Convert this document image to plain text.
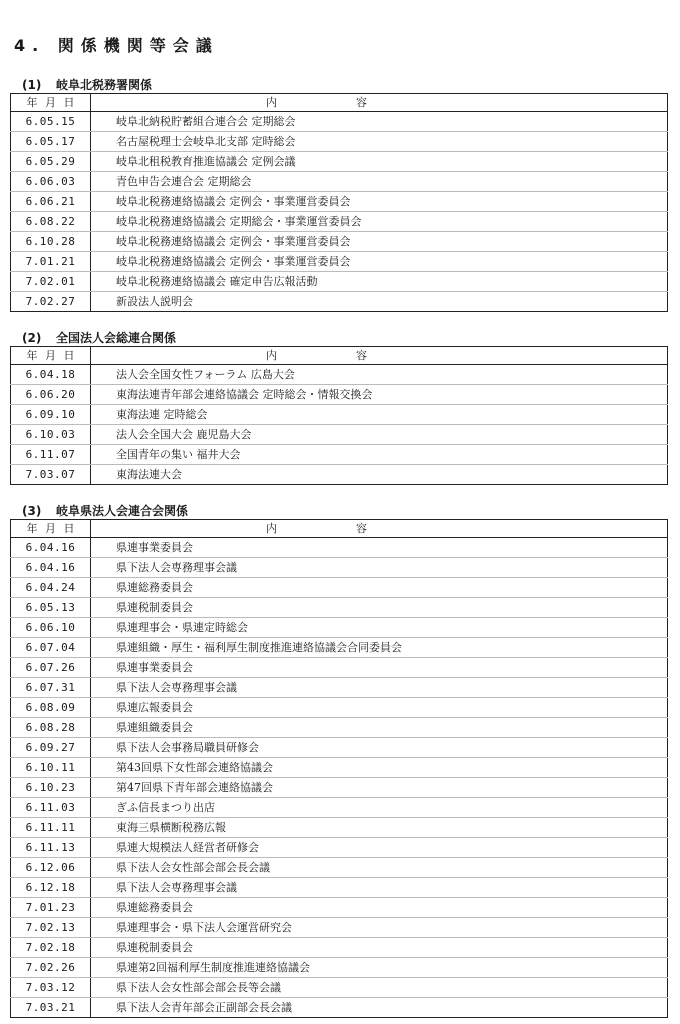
4. 関係機関等会議
(1) 岐阜北税務署関係
年 月 日	内 容

6.05.15	岐阜北納税貯蓄組合連合会 定期総会
6.05.17	名古屋税理士会岐阜北支部 定時総会
6.05.29	岐阜北租税教育推進協議会 定例会議
6.06.03	青色申告会連合会 定期総会
6.06.21	岐阜北税務連絡協議会 定例会・事業運営委員会
6.08.22	岐阜北税務連絡協議会 定期総会・事業運営委員会
6.10.28	岐阜北税務連絡協議会 定例会・事業運営委員会
7.01.21	岐阜北税務連絡協議会 定例会・事業運営委員会
7.02.01	岐阜北税務連絡協議会 確定申告広報活動
7.02.27	新設法人説明会
(2) 全国法人会総連合関係
年 月 日	内 容

6.04.18	法人会全国女性フォーラム 広島大会
6.06.20	東海法連青年部会連絡協議会 定時総会・情報交換会
6.09.10	東海法連 定時総会
6.10.03	法人会全国大会 鹿児島大会
6.11.07	全国青年の集い 福井大会
7.03.07	東海法連大会
(3) 岐阜県法人会連合会関係
年 月 日	内 容

6.04.16	県連事業委員会
6.04.16	県下法人会専務理事会議
6.04.24	県連総務委員会
6.05.13	県連税制委員会
6.06.10	県連理事会・県連定時総会
6.07.04	県連組織・厚生・福利厚生制度推進連絡協議会合同委員会
6.07.26	県連事業委員会
6.07.31	県下法人会専務理事会議
6.08.09	県連広報委員会
6.08.28	県連組織委員会
6.09.27	県下法人会事務局職員研修会
6.10.11	第43回県下女性部会連絡協議会
6.10.23	第47回県下青年部会連絡協議会
6.11.03	ぎふ信長まつり出店
6.11.11	東海三県横断税務広報
6.11.13	県連大規模法人経営者研修会
6.12.06	県下法人会女性部会部会長会議
6.12.18	県下法人会専務理事会議
7.01.23	県連総務委員会
7.02.13	県連理事会・県下法人会運営研究会
7.02.18	県連税制委員会
7.02.26	県連第2回福利厚生制度推進連絡協議会
7.03.12	県下法人会女性部会部会長等会議
7.03.21	県下法人会青年部会正副部会長会議
